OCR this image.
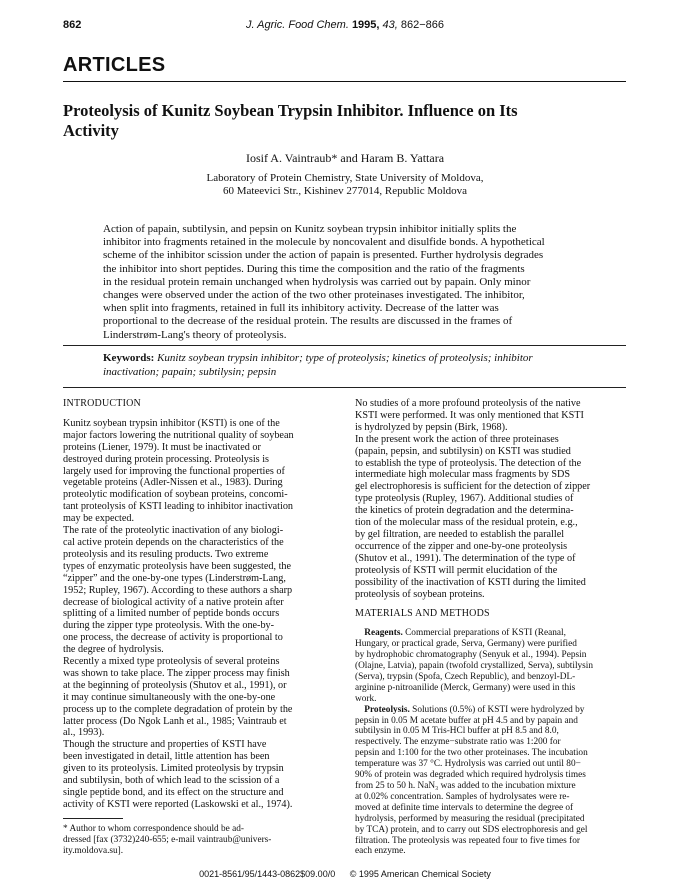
862	J. Agric. Food Chem. 1995, 43, 862−866
ARTICLES
Proteolysis of Kunitz Soybean Trypsin Inhibitor. Influence on Its
Activity
Iosif A. Vaintraub* and Haram B. Yattara
Laboratory of Protein Chemistry, State University of Moldova,
60 Mateevici Str., Kishinev 277014, Republic Moldova
Action of papain, subtilysin, and pepsin on Kunitz soybean trypsin inhibitor initially splits the
inhibitor into fragments retained in the molecule by noncovalent and disulfide bonds. A hypothetical
scheme of the inhibitor scission under the action of papain is presented. Further hydrolysis degrades
the inhibitor into short peptides. During this time the composition and the ratio of the fragments
in the residual protein remain unchanged when hydrolysis was carried out by papain. Only minor
changes were observed under the action of the two other proteinases investigated. The inhibitor,
when split into fragments, retained in full its inhibitory activity. Decrease of the latter was
proportional to the decrease of the residual protein. The results are discussed in the frames of
Linderstrøm-Lang's theory of proteolysis.
Keywords: Kunitz soybean trypsin inhibitor; type of proteolysis; kinetics of proteolysis; inhibitor
inactivation; papain; subtilysin; pepsin
INTRODUCTION
Kunitz soybean trypsin inhibitor (KSTI) is one of the
major factors lowering the nutritional quality of soybean
proteins (Liener, 1979). It must be inactivated or
destroyed during protein processing. Proteolysis is
largely used for improving the functional properties of
vegetable proteins (Adler-Nissen et al., 1983). During
proteolytic modification of soybean proteins, concomi-
tant proteolysis of KSTI leading to inhibitor inactivation
may be expected.
The rate of the proteolytic inactivation of any biologi-
cal active protein depends on the characteristics of the
proteolysis and its resuling products. Two extreme
types of enzymatic proteolysis have been suggested, the
“zipper” and the one-by-one types (Linderstrøm-Lang,
1952; Rupley, 1967). According to these authors a sharp
decrease of biological activity of a native protein after
splitting of a limited number of peptide bonds occurs
during the zipper type proteolysis. With the one-by-
one process, the decrease of activity is proportional to
the degree of hydrolysis.
Recently a mixed type proteolysis of several proteins
was shown to take place. The zipper process may finish
at the beginning of proteolysis (Shutov et al., 1991), or
it may continue simultaneously with the one-by-one
process up to the complete degradation of protein by the
latter process (Do Ngok Lanh et al., 1985; Vaintraub et
al., 1993).
Though the structure and properties of KSTI have
been investigated in detail, little attention has been
given to its proteolysis. Limited proteolysis by trypsin
and subtilysin, both of which lead to the scission of a
single peptide bond, and its effect on the structure and
activity of KSTI were reported (Laskowski et al., 1974).
* Author to whom correspondence should be ad-
dressed [fax (3732)240-655; e-mail vaintraub@univers-
ity.moldova.su].
No studies of a more profound proteolysis of the native
KSTI were performed. It was only mentioned that KSTI
is hydrolyzed by pepsin (Birk, 1968).
In the present work the action of three proteinases
(papain, pepsin, and subtilysin) on KSTI was studied
to establish the type of proteolysis. The detection of the
intermediate high molecular mass fragments by SDS
gel electrophoresis is sufficient for the detection of zipper
type proteolysis (Rupley, 1967). Additional studies of
the kinetics of protein degradation and the determina-
tion of the molecular mass of the residual protein, e.g.,
by gel filtration, are needed to establish the parallel
occurrence of the zipper and one-by-one proteolysis
(Shutov et al., 1991). The determination of the type of
proteolysis of KSTI will permit elucidation of the
possibility of the inactivation of KSTI during the limited
proteolysis of soybean proteins.
MATERIALS AND METHODS
Reagents. Commercial preparations of KSTI (Reanal,
Hungary, or practical grade, Serva, Germany) were purified
by hydrophobic chromatography (Senyuk et al., 1994). Pepsin
(Olajne, Latvia), papain (twofold crystallized, Serva), subtilysin
(Serva), trypsin (Spofa, Czech Republic), and benzoyl-DL-
arginine p-nitroanilide (Merck, Germany) were used in this
work.
Proteolysis. Solutions (0.5%) of KSTI were hydrolyzed by
pepsin in 0.05 M acetate buffer at pH 4.5 and by papain and
subtilysin in 0.05 M Tris-HCl buffer at pH 8.5 and 8.0,
respectively. The enzyme−substrate ratio was 1:200 for
pepsin and 1:100 for the two other proteinases. The incubation
temperature was 37 °C. Hydrolysis was carried out until 80−
90% of protein was degraded which required hydrolysis times
from 25 to 50 h. NaN₃ was added to the incubation mixture
at 0.02% concentration. Samples of hydrolysates were re-
moved at definite time intervals to determine the degree of
hydrolysis, performed by measuring the residual (precipitated
by TCA) protein, and to carry out SDS electrophoresis and gel
filtration. The proteolysis was repeated four to five times for
each enzyme.
0021-8561/95/1443-0862$09.00/0 © 1995 American Chemical Society
